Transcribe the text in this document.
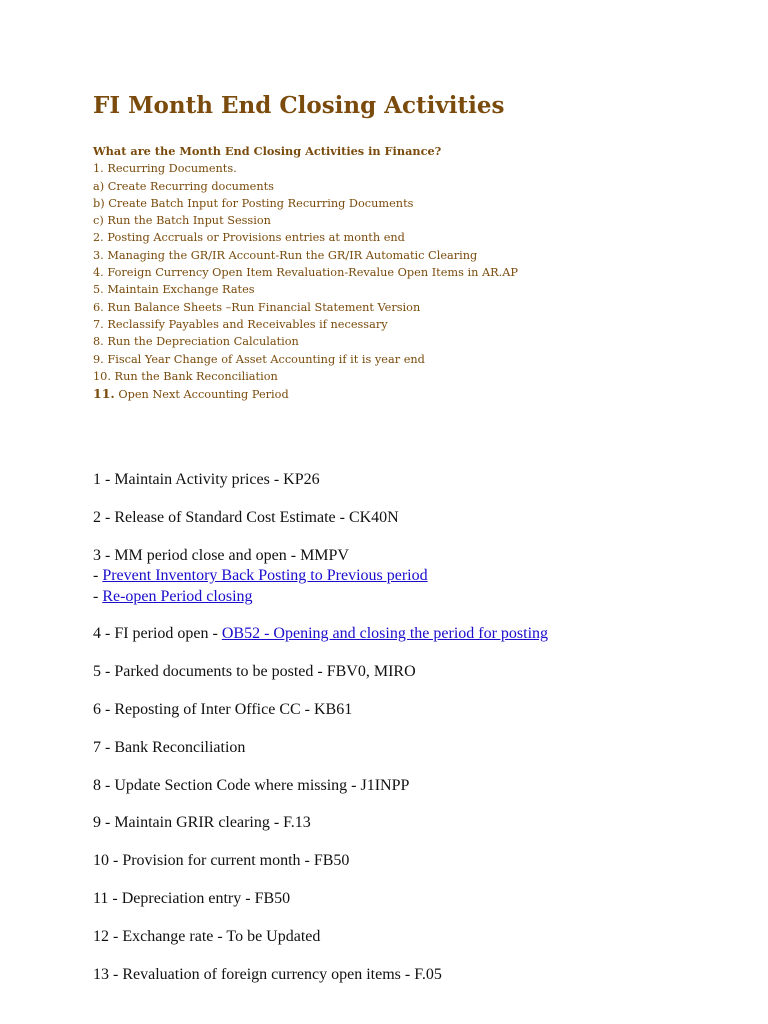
FI Month End Closing Activities
What are the Month End Closing Activities in Finance?
1. Recurring Documents.
a) Create Recurring documents
b) Create Batch Input for Posting Recurring Documents
c) Run the Batch Input Session
2. Posting Accruals or Provisions entries at month end
3. Managing the GR/IR Account-Run the GR/IR Automatic Clearing
4. Foreign Currency Open Item Revaluation-Revalue Open Items in AR.AP
5. Maintain Exchange Rates
6. Run Balance Sheets –Run Financial Statement Version
7. Reclassify Payables and Receivables if necessary
8. Run the Depreciation Calculation
9. Fiscal Year Change of Asset Accounting if it is year end
10. Run the Bank Reconciliation
11. Open Next Accounting Period
1 - Maintain Activity prices - KP26
2 - Release of Standard Cost Estimate - CK40N
3 - MM period close and open - MMPV
- Prevent Inventory Back Posting to Previous period
- Re-open Period closing
4 - FI period open - OB52 - Opening and closing the period for posting
5 - Parked documents to be posted - FBV0, MIRO
6 - Reposting of Inter Office CC - KB61
7 - Bank Reconciliation
8 - Update Section Code where missing - J1INPP
9 - Maintain GRIR clearing - F.13
10 - Provision for current month - FB50
11 - Depreciation entry - FB50
12 - Exchange rate - To be Updated
13 - Revaluation of foreign currency open items - F.05
